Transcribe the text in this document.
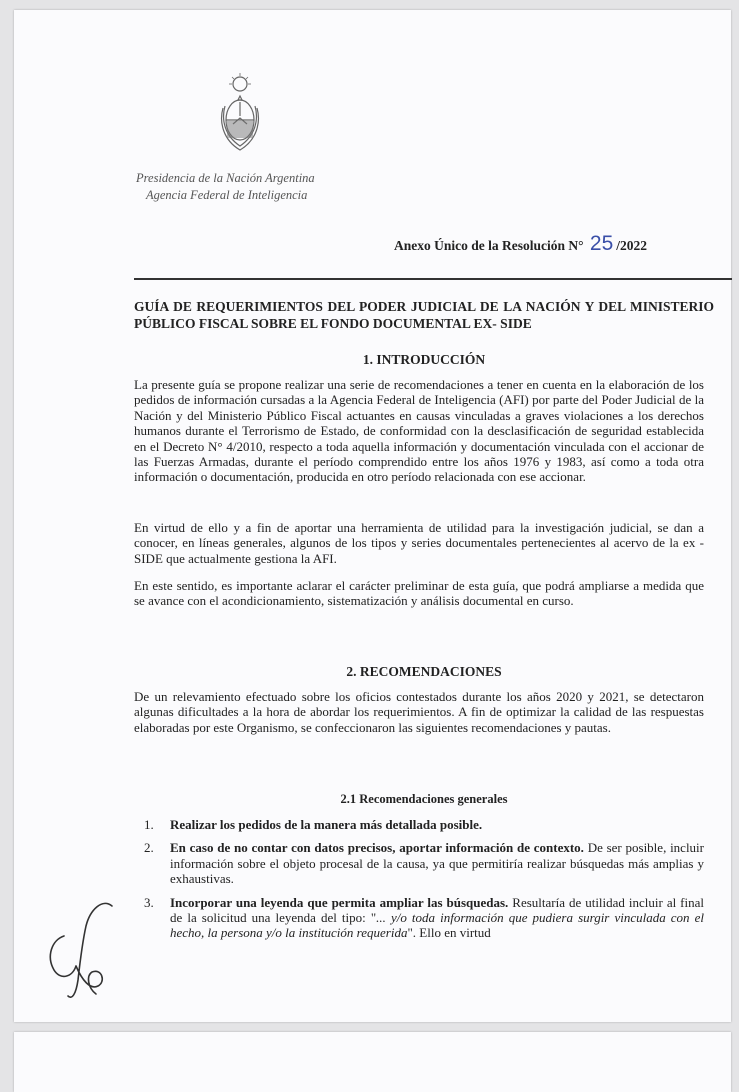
Presidencia de la Nación Argentina
Agencia Federal de Inteligencia
Anexo Único de la Resolución N° 25 /2022
GUÍA DE REQUERIMIENTOS DEL PODER JUDICIAL DE LA NACIÓN Y DEL MINISTERIO PÚBLICO FISCAL SOBRE EL FONDO DOCUMENTAL EX- SIDE
1. INTRODUCCIÓN
La presente guía se propone realizar una serie de recomendaciones a tener en cuenta en la elaboración de los pedidos de información cursadas a la Agencia Federal de Inteligencia (AFI) por parte del Poder Judicial de la Nación y del Ministerio Público Fiscal actuantes en causas vinculadas a graves violaciones a los derechos humanos durante el Terrorismo de Estado, de conformidad con la desclasificación de seguridad establecida en el Decreto N° 4/2010, respecto a toda aquella información y documentación vinculada con el accionar de las Fuerzas Armadas, durante el período comprendido entre los años 1976 y 1983, así como a toda otra información o documentación, producida en otro período relacionada con ese accionar.
En virtud de ello y a fin de aportar una herramienta de utilidad para la investigación judicial, se dan a conocer, en líneas generales, algunos de los tipos y series documentales pertenecientes al acervo de la ex -SIDE que actualmente gestiona la AFI.
En este sentido, es importante aclarar el carácter preliminar de esta guía, que podrá ampliarse a medida que se avance con el acondicionamiento, sistematización y análisis documental en curso.
2. RECOMENDACIONES
De un relevamiento efectuado sobre los oficios contestados durante los años 2020 y 2021, se detectaron algunas dificultades a la hora de abordar los requerimientos. A fin de optimizar la calidad de las respuestas elaboradas por este Organismo, se confeccionaron las siguientes recomendaciones y pautas.
2.1 Recomendaciones generales
1. Realizar los pedidos de la manera más detallada posible.
2. En caso de no contar con datos precisos, aportar información de contexto. De ser posible, incluir información sobre el objeto procesal de la causa, ya que permitiría realizar búsquedas más amplias y exhaustivas.
3. Incorporar una leyenda que permita ampliar las búsquedas. Resultaría de utilidad incluir al final de la solicitud una leyenda del tipo: "... y/o toda información que pudiera surgir vinculada con el hecho, la persona y/o la institución requerida". Ello en virtud
